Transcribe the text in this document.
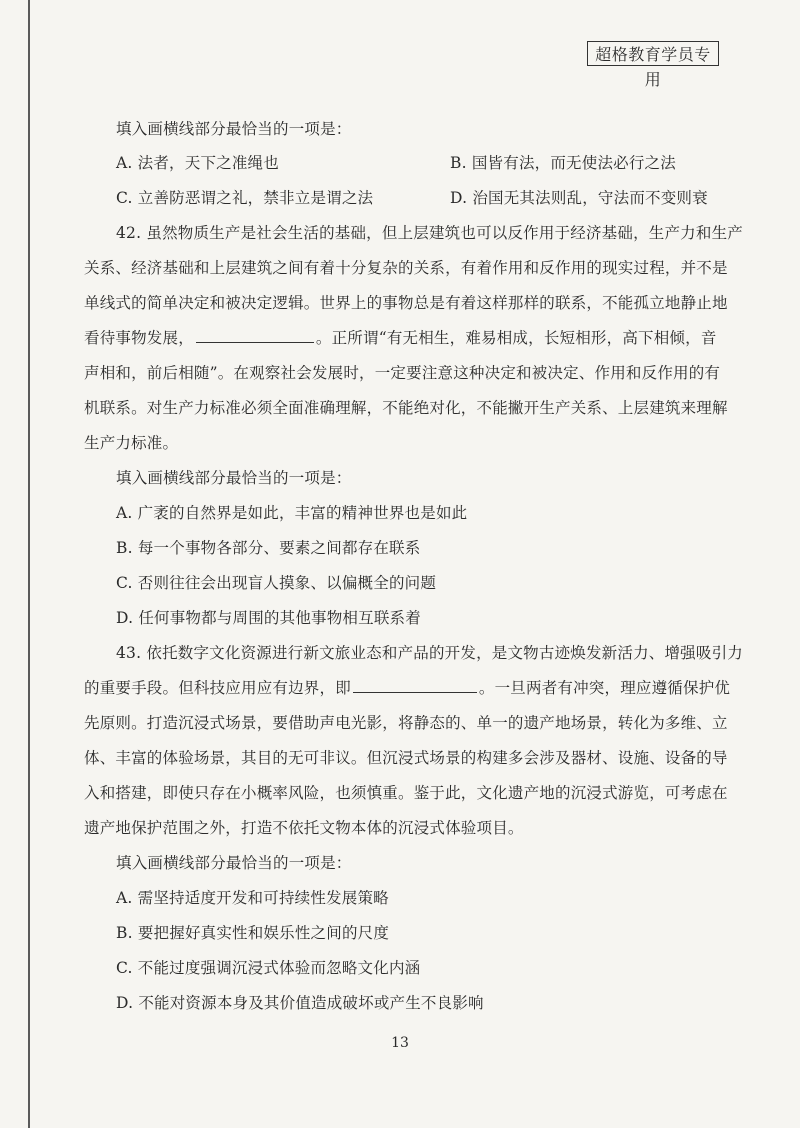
超格教育学员专用
填入画横线部分最恰当的一项是：
A. 法者，天下之准绳也	B. 国皆有法，而无使法必行之法
C. 立善防恶谓之礼，禁非立是谓之法	D. 治国无其法则乱，守法而不变则衰
42. 虽然物质生产是社会生活的基础，但上层建筑也可以反作用于经济基础，生产力和生产
关系、经济基础和上层建筑之间有着十分复杂的关系，有着作用和反作用的现实过程，并不是
单线式的简单决定和被决定逻辑。世界上的事物总是有着这样那样的联系，不能孤立地静止地
看待事物发展，	。正所谓“有无相生，难易相成，长短相形，高下相倾，音
声相和，前后相随”。在观察社会发展时，一定要注意这种决定和被决定、作用和反作用的有
机联系。对生产力标准必须全面准确理解，不能绝对化，不能撇开生产关系、上层建筑来理解
生产力标准。
填入画横线部分最恰当的一项是：
A. 广袤的自然界是如此，丰富的精神世界也是如此
B. 每一个事物各部分、要素之间都存在联系
C. 否则往往会出现盲人摸象、以偏概全的问题
D. 任何事物都与周围的其他事物相互联系着
43. 依托数字文化资源进行新文旅业态和产品的开发，是文物古迹焕发新活力、增强吸引力
的重要手段。但科技应用应有边界，即	。一旦两者有冲突，理应遵循保护优
先原则。打造沉浸式场景，要借助声电光影，将静态的、单一的遗产地场景，转化为多维、立
体、丰富的体验场景，其目的无可非议。但沉浸式场景的构建多会涉及器材、设施、设备的导
入和搭建，即使只存在小概率风险，也须慎重。鉴于此，文化遗产地的沉浸式游览，可考虑在
遗产地保护范围之外，打造不依托文物本体的沉浸式体验项目。
填入画横线部分最恰当的一项是：
A. 需坚持适度开发和可持续性发展策略
B. 要把握好真实性和娱乐性之间的尺度
C. 不能过度强调沉浸式体验而忽略文化内涵
D. 不能对资源本身及其价值造成破坏或产生不良影响
13
